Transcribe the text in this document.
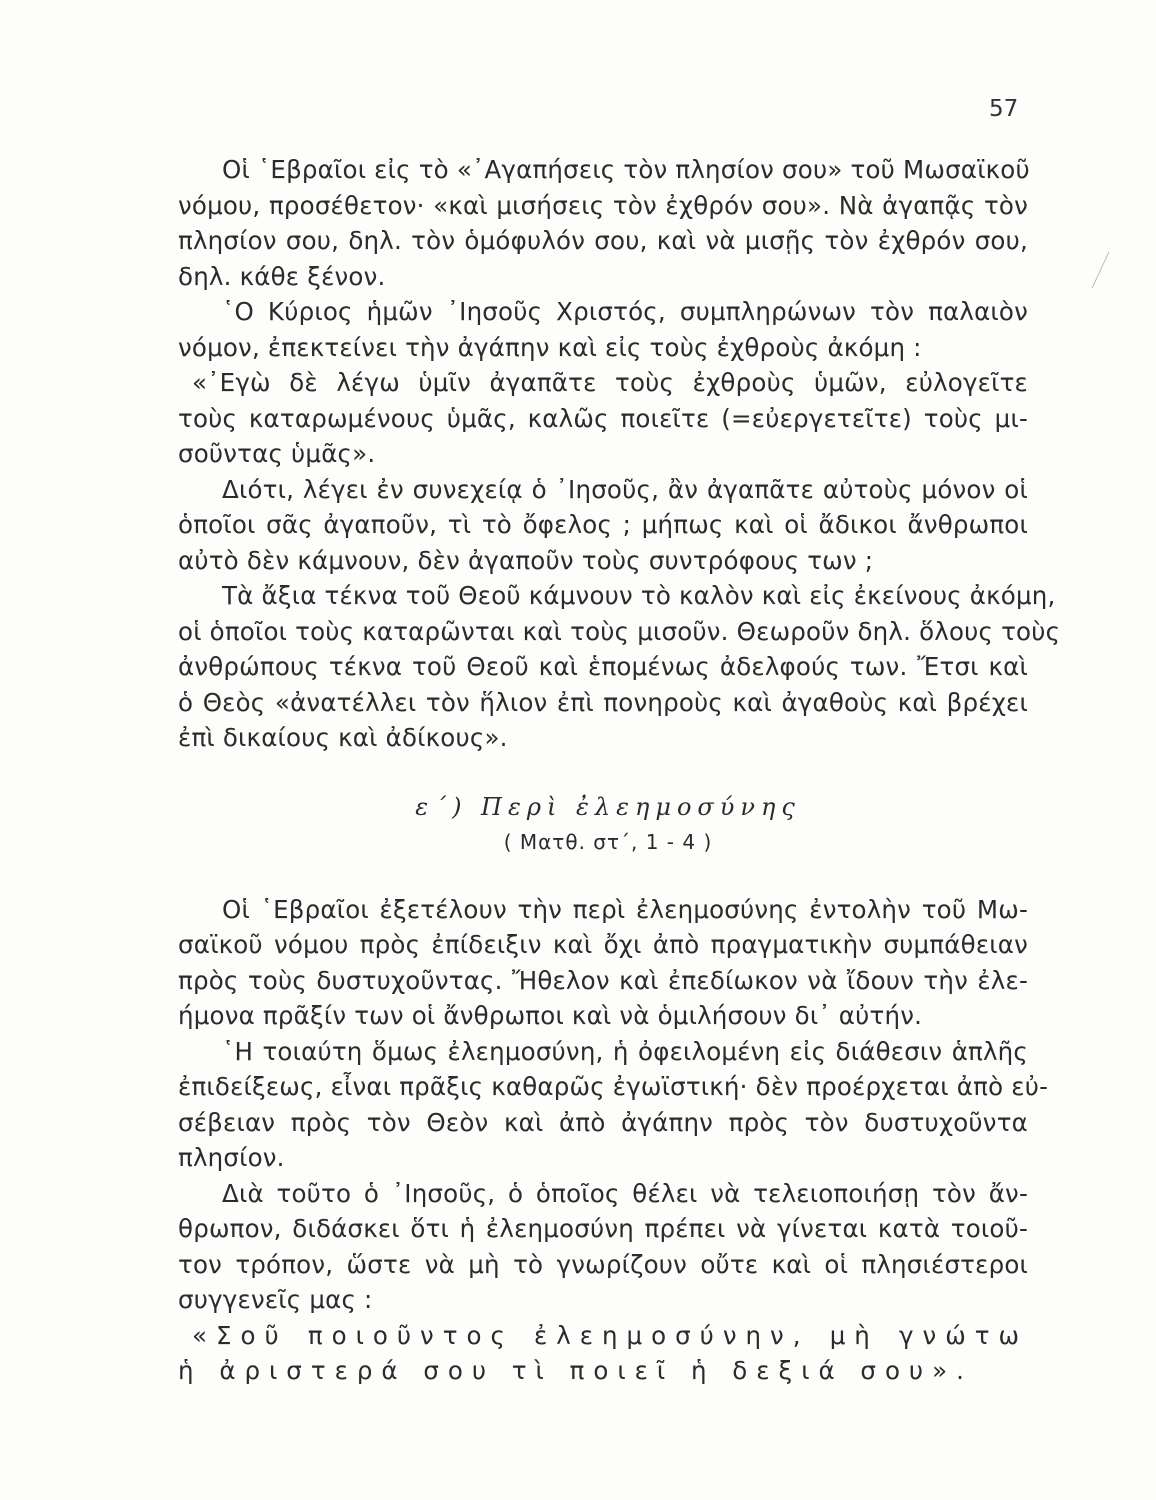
57
Οἱ ῾Εβραῖοι εἰς τὸ «᾿Αγαπήσεις τὸν πλησίον σου» τοῦ Μωσαϊκοῦ
νόμου, προσέθετον· «καὶ μισήσεις τὸν ἐχθρόν σου». Νὰ ἀγαπᾷς τὸν
πλησίον σου, δηλ. τὸν ὁμόφυλόν σου, καὶ νὰ μισῇς τὸν ἐχθρόν σου,
δηλ. κάθε ξένον.
῾Ο Κύριος ἡμῶν ᾿Ιησοῦς Χριστός, συμπληρώνων τὸν παλαιὸν
νόμον, ἐπεκτείνει τὴν ἀγάπην καὶ εἰς τοὺς ἐχθροὺς ἀκόμη :
«᾿Εγὼ δὲ λέγω ὑμῖν ἀγαπᾶτε τοὺς ἐχθροὺς ὑμῶν, εὐλογεῖτε
τοὺς καταρωμένους ὑμᾶς, καλῶς ποιεῖτε (=εὐεργετεῖτε) τοὺς μι-
σοῦντας ὑμᾶς».
Διότι, λέγει ἐν συνεχείᾳ ὁ ᾿Ιησοῦς, ἂν ἀγαπᾶτε αὐτοὺς μόνον οἱ
ὁποῖοι σᾶς ἀγαποῦν, τὶ τὸ ὄφελος ; μήπως καὶ οἱ ἄδικοι ἄνθρωποι
αὐτὸ δὲν κάμνουν, δὲν ἀγαποῦν τοὺς συντρόφους των ;
Τὰ ἄξια τέκνα τοῦ Θεοῦ κάμνουν τὸ καλὸν καὶ εἰς ἐκείνους ἀκόμη,
οἱ ὁποῖοι τοὺς καταρῶνται καὶ τοὺς μισοῦν. Θεωροῦν δηλ. ὅλους τοὺς
ἀνθρώπους τέκνα τοῦ Θεοῦ καὶ ἑπομένως ἀδελφούς των. Ἔτσι καὶ
ὁ Θεὸς «ἀνατέλλει τὸν ἥλιον ἐπὶ πονηροὺς καὶ ἀγαθοὺς καὶ βρέχει
ἐπὶ δικαίους καὶ ἀδίκους».
ε΄) Περὶ ἐλεημοσύνης
( Ματθ. στ΄, 1 - 4 )
Οἱ ῾Εβραῖοι ἐξετέλουν τὴν περὶ ἐλεημοσύνης ἐντολὴν τοῦ Μω-
σαϊκοῦ νόμου πρὸς ἐπίδειξιν καὶ ὄχι ἀπὸ πραγματικὴν συμπάθειαν
πρὸς τοὺς δυστυχοῦντας. Ἤθελον καὶ ἐπεδίωκον νὰ ἴδουν τὴν ἐλε-
ήμονα πρᾶξίν των οἱ ἄνθρωποι καὶ νὰ ὁμιλήσουν δι᾿ αὐτήν.
῾Η τοιαύτη ὅμως ἐλεημοσύνη, ἡ ὀφειλομένη εἰς διάθεσιν ἁπλῆς
ἐπιδείξεως, εἶναι πρᾶξις καθαρῶς ἐγωϊστική· δὲν προέρχεται ἀπὸ εὐ-
σέβειαν πρὸς τὸν Θεὸν καὶ ἀπὸ ἀγάπην πρὸς τὸν δυστυχοῦντα
πλησίον.
Διὰ τοῦτο ὁ ᾿Ιησοῦς, ὁ ὁποῖος θέλει νὰ τελειοποιήσῃ τὸν ἄν-
θρωπον, διδάσκει ὅτι ἡ ἐλεημοσύνη πρέπει νὰ γίνεται κατὰ τοιοῦ-
τον τρόπον, ὥστε νὰ μὴ τὸ γνωρίζουν οὔτε καὶ οἱ πλησιέστεροι
συγγενεῖς μας :
«Σοῦ ποιοῦντος ἐλεημοσύνην, μὴ γνώτω
ἡ ἀριστερά σου τὶ ποιεῖ ἡ δεξιά σου».
